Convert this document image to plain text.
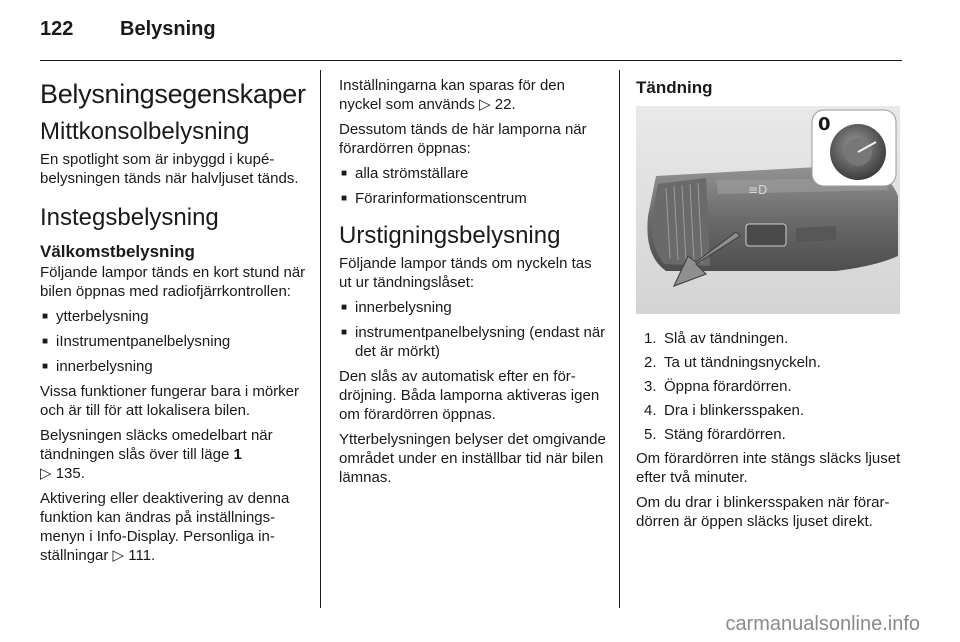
122	Belysning
Belysningsegenskaper
Mittkonsolbelysning

En spotlight som är inbyggd i kupébelysningen tänds när halvljuset tänds.

Instegsbelysning
Välkomstbelysning

Följande lampor tänds en kort stund när bilen öppnas med radiofjärrkontrollen:

■ ytterbelysning
■ iInstrumentpanelbelysning
■ innerbelysning

Vissa funktioner fungerar bara i mörker och är till för att lokalisera bilen.

Belysningen släcks omedelbart när tändningen slås över till läge 1
▷ 135.

Aktivering eller deaktivering av denna funktion kan ändras på inställningsmenyn i Info-Display. Personliga inställningar ▷ 111.

Inställningarna kan sparas för den nyckel som används ▷ 22.

Dessutom tänds de här lamporna när förardörren öppnas:

■ alla strömställare
■ Förarinformationscentrum
Urstigningsbelysning

Följande lampor tänds om nyckeln tas ut ur tändningslåset:

■ innerbelysning
■ instrumentpanelbelysning (endast när det är mörkt)

Den slås av automatisk efter en fördröjning. Båda lamporna aktiveras igen om förardörren öppnas.

Ytterbelysningen belyser det omgivande området under en inställbar tid när bilen lämnas.

Tändning
≡D
0
1. Slå av tändningen.
2. Ta ut tändningsnyckeln.
3. Öppna förardörren.
4. Dra i blinkersspaken.
5. Stäng förardörren.

Om förardörren inte stängs släcks ljuset efter två minuter.

Om du drar i blinkersspaken när förardörren är öppen släcks ljuset direkt.

carmanualsonline.info
